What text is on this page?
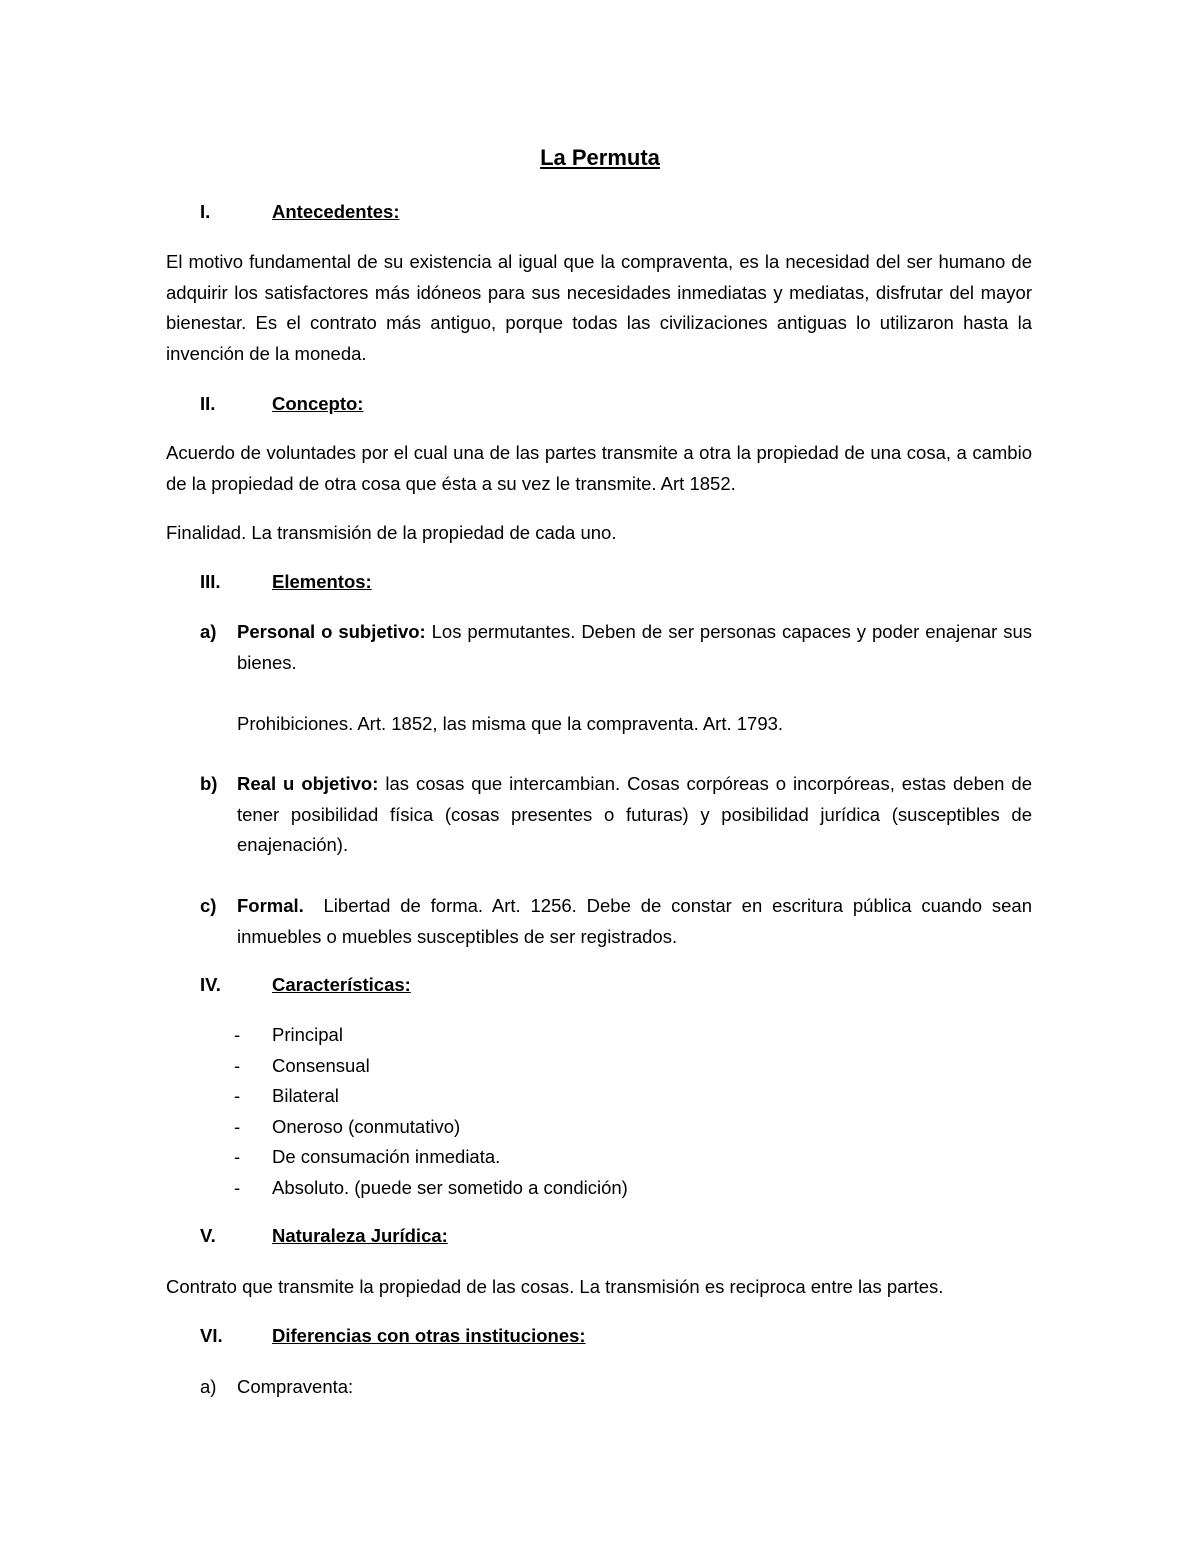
La Permuta
I.	Antecedentes:
El motivo fundamental de su existencia al igual que la compraventa, es la necesidad del ser humano de adquirir los satisfactores más idóneos para sus necesidades inmediatas y mediatas, disfrutar del mayor bienestar. Es el contrato más antiguo, porque todas las civilizaciones antiguas lo utilizaron hasta la invención de la moneda.
II.	Concepto:
Acuerdo de voluntades por el cual una de las partes transmite a otra la propiedad de una cosa, a cambio de la propiedad de otra cosa que ésta a su vez le transmite. Art 1852.
Finalidad. La transmisión de la propiedad de cada uno.
III.	Elementos:
a) Personal o subjetivo: Los permutantes. Deben de ser personas capaces y poder enajenar sus bienes.
Prohibiciones. Art. 1852, las misma que la compraventa. Art. 1793.
b) Real u objetivo: las cosas que intercambian. Cosas corpóreas o incorpóreas, estas deben de tener posibilidad física (cosas presentes o futuras) y posibilidad jurídica (susceptibles de enajenación).
c) Formal.  Libertad de forma. Art. 1256. Debe de constar en escritura pública cuando sean inmuebles o muebles susceptibles de ser registrados.
IV.	Características:
- Principal
- Consensual
- Bilateral
- Oneroso (conmutativo)
- De consumación inmediata.
- Absoluto. (puede ser sometido a condición)
V.	Naturaleza Jurídica:
Contrato que transmite la propiedad de las cosas. La transmisión es reciproca entre las partes.
VI.	Diferencias con otras instituciones:
a) Compraventa:
